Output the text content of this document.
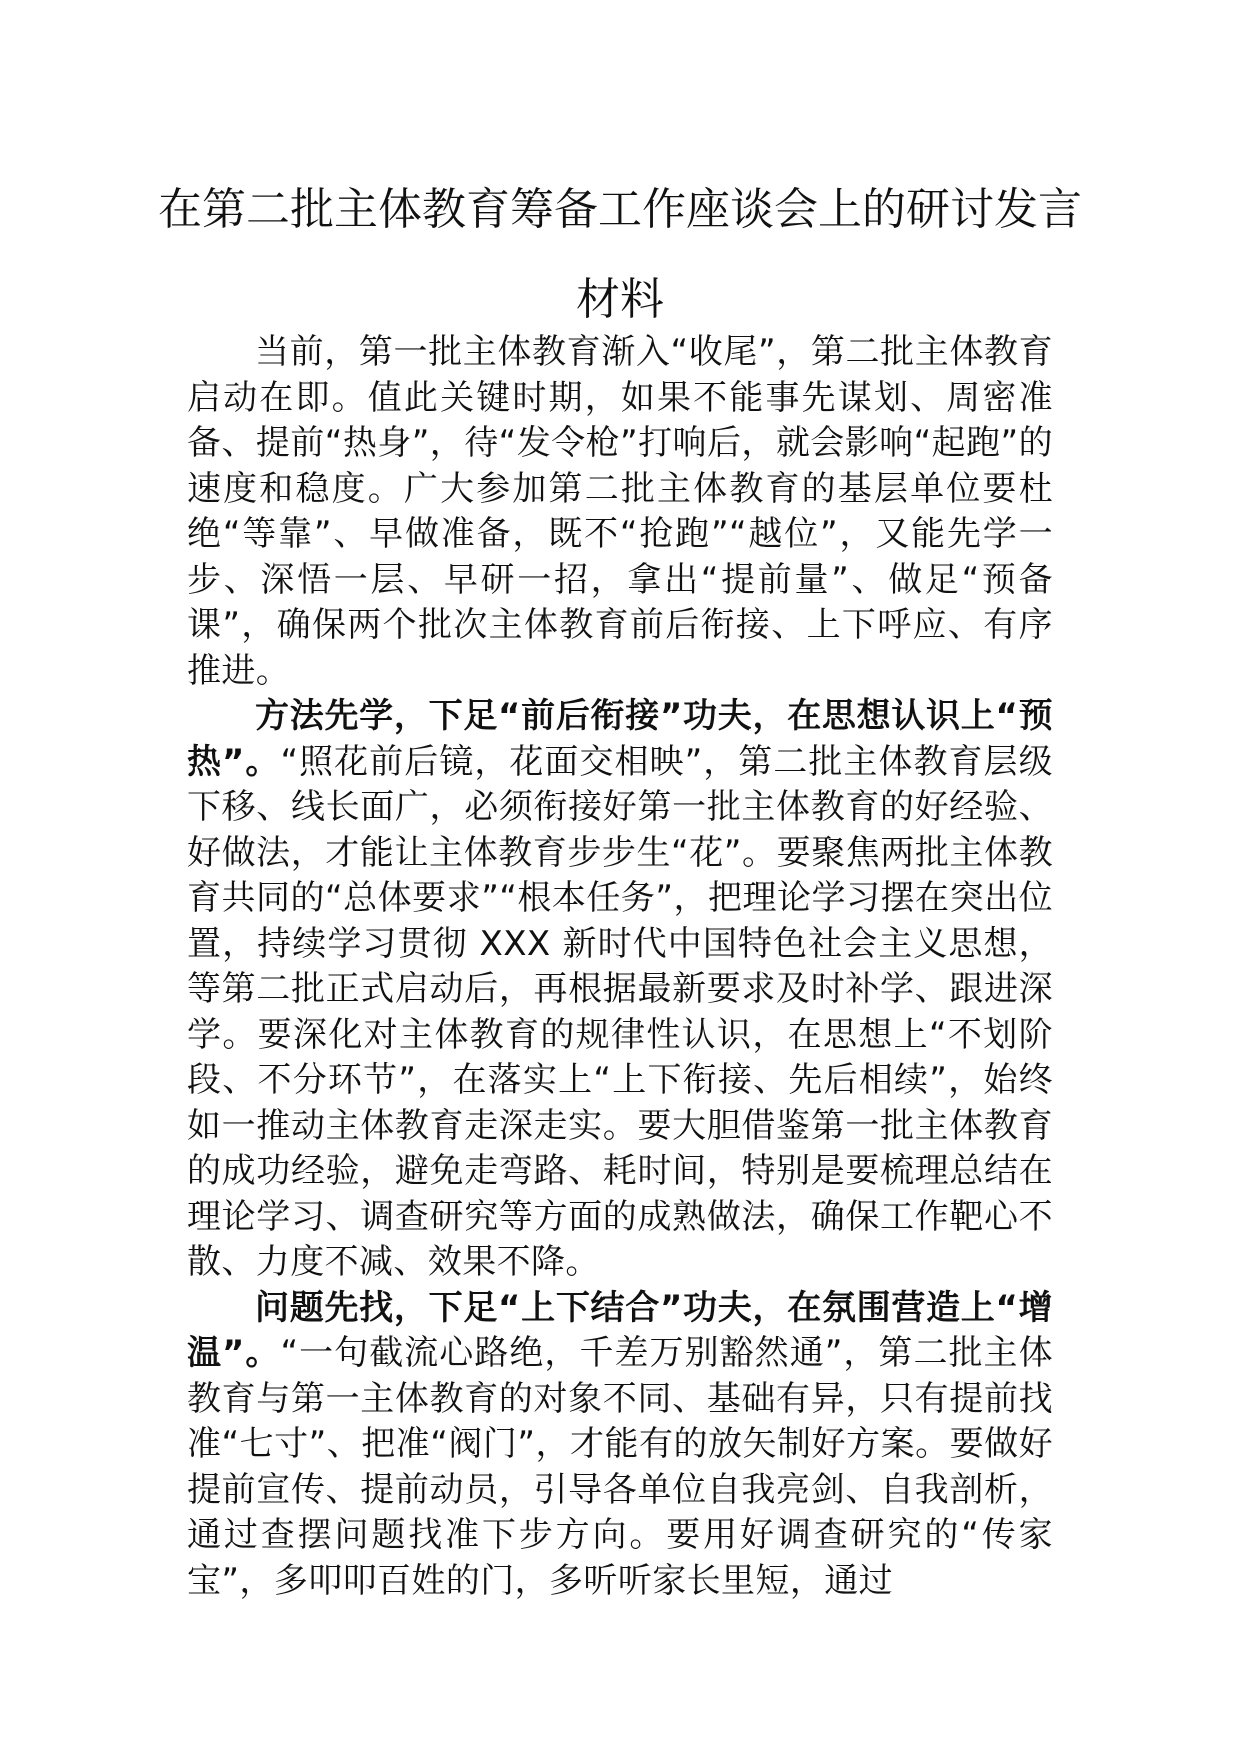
在第二批主体教育筹备工作座谈会上的研讨发言材料

当前，第一批主体教育渐入“收尾”，第二批主体教育启动在即。值此关键时期，如果不能事先谋划、周密准备、提前“热身”，待“发令枪”打响后，就会影响“起跑”的速度和稳度。广大参加第二批主体教育的基层单位要杜绝“等靠”、早做准备，既不“抢跑”“越位”，又能先学一步、深悟一层、早研一招，拿出“提前量”、做足“预备课”，确保两个批次主体教育前后衔接、上下呼应、有序推进。

方法先学，下足“前后衔接”功夫，在思想认识上“预热”。“照花前后镜，花面交相映”，第二批主体教育层级下移、线长面广，必须衔接好第一批主体教育的好经验、好做法，才能让主体教育步步生“花”。要聚焦两批主体教育共同的“总体要求”“根本任务”，把理论学习摆在突出位置，持续学习贯彻 XXX 新时代中国特色社会主义思想，等第二批正式启动后，再根据最新要求及时补学、跟进深学。要深化对主体教育的规律性认识，在思想上“不划阶段、不分环节”，在落实上“上下衔接、先后相续”，始终如一推动主体教育走深走实。要大胆借鉴第一批主体教育的成功经验，避免走弯路、耗时间，特别是要梳理总结在理论学习、调查研究等方面的成熟做法，确保工作靶心不散、力度不减、效果不降。

问题先找，下足“上下结合”功夫，在氛围营造上“增温”。“一句截流心路绝，千差万别豁然通”，第二批主体教育与第一主体教育的对象不同、基础有异，只有提前找准“七寸”、把准“阀门”，才能有的放矢制好方案。要做好提前宣传、提前动员，引导各单位自我亮剑、自我剖析，通过查摆问题找准下步方向。要用好调查研究的“传家宝”，多叩叩百姓的门，多听听家长里短，通过
